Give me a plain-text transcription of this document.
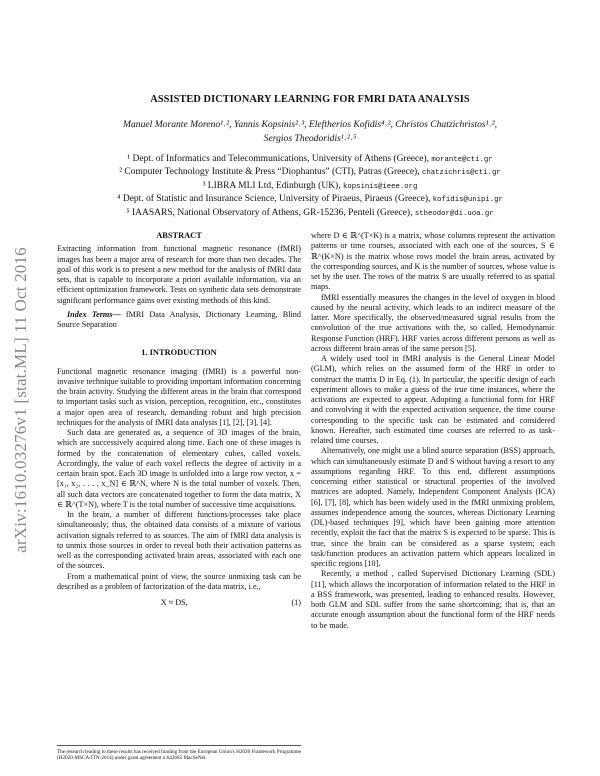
arXiv:1610.03276v1 [stat.ML] 11 Oct 2016
ASSISTED DICTIONARY LEARNING FOR FMRI DATA ANALYSIS
Manuel Morante Moreno¹˒², Yannis Kopsinis²˒³, Eleftherios Kofidis⁴˒², Christos Chatzichristos¹˒²,
Sergios Theodoridis¹˒²˒⁵
¹ Dept. of Informatics and Telecommunications, University of Athens (Greece), morante@cti.gr
² Computer Technology Institute & Press “Diophantus” (CTI), Patras (Greece), chatzichris@cti.gr
³ LIBRA MLI Ltd, Edinburgh (UK), kopsinis@ieee.org
⁴ Dept. of Statistic and Insurance Science, University of Piraeus, Piraeus (Greece), kofidis@unipi.gr
⁵ IAASARS, National Observatory of Athens, GR-15236, Penteli (Greece), stheodor@di.uoa.gr
ABSTRACT

Extracting information from functional magnetic resonance (fMRI) images has been a major area of research for more than two decades. The goal of this work is to present a new method for the analysis of fMRI data sets, that is capable to incorporate a priori available information, via an efficient optimization framework. Tests on synthetic data sets demonstrate significant performance gains over existing methods of this kind.

Index Terms— fMRI Data Analysis, Dictionary Learning, Blind Source Separation

1. INTRODUCTION

Functional magnetic resonance imaging (fMRI) is a powerful non-invasive technique suitable to providing important information concerning the brain activity. Studying the different areas in the brain that correspond to important tasks such as vision, perception, recognition, etc., constitutes a major open area of research, demanding robust and high precision techniques for the analysis of fMRI data analysis [1], [2], [3], [4].

Such data are generated as, a sequence of 3D images of the brain, which are successively acquired along time. Each one of these images is formed by the concatenation of elementary cubes, called voxels. Accordingly, the value of each voxel reflects the degree of activity in a certain brain spot. Each 3D image is unfolded into a large row vector, x = [x₁, x₂, . . . , x_N] ∈ ℝ^N, where N is the total number of voxels. Then, all such data vectors are concatenated together to form the data matrix, X ∈ ℝ^(T×N), where T is the total number of successive time acquisitions.

In the brain, a number of different functions/processes take place simultaneously; thus, the obtained data consists of a mixture of various activation signals referred to as sources. The aim of fMRI data analysis is to unmix those sources in order to reveal both their activation patterns as well as the corresponding activated brain areas, associated with each one of the sources.

From a mathematical point of view, the source unmixing task can be described as a problem of factorization of the data matrix, i.e.,

X ≈ DS,	(1)

where D ∈ ℝ^(T×K) is a matrix, whose columns represent the activation patterns or time courses, associated with each one of the sources, S ∈ ℝ^(K×N) is the matrix whose rows model the brain areas, activated by the corresponding sources, and K is the number of sources, whose value is set by the user. The rows of the matrix S are usually referred to as spatial maps.

fMRI essentially measures the changes in the level of oxygen in blood caused by the neural activity, which leads to an indirect measure of the latter. More specifically, the observed/measured signal results from the convolution of the true activations with the, so called, Hemodynamic Response Function (HRF). HRF varies across different persons as well as across different brain areas of the same person [5].

A widely used tool in fMRI analysis is the General Linear Model (GLM), which relies on the assumed form of the HRF in order to construct the matrix D in Eq. (1). In particular, the specific design of each experiment allows to make a guess of the true time instances, where the activations are expected to appear. Adopting a functional form for HRF and convolving it with the expected activation sequence, the time course corresponding to the specific task can be estimated and considered known. Hereafter, such estimated time courses are referred to as task-related time courses.

Alternatively, one might use a blind source separation (BSS) approach, which can simultaneously estimate D and S without having a resort to any assumptions regarding HRF. To this end, different assumptions concerning either statistical or structural properties of the involved matrices are adopted. Namely, Independent Component Analysis (ICA) [6], [7], [8], which has been widely used in the fMRI unmixing problem, assumes independence among the sources, whereas Dictionary Learning (DL)-based techniques [9], which have been gaining more attention recently, exploit the fact that the matrix S is expected to be sparse. This is true, since the brain can be considered as a sparse system; each task/function produces an activation pattern which appears localized in specific regions [10].

Recently, a method , called Supervised Dictionary Learning (SDL) [11], which allows the incorporation of information related to the HRF in a BSS framework, was presented, leading to enhanced results. However, both GLM and SDL suffer from the same shortcoming; that is, that an accurate enough assumption about the functional form of the HRF needs to be made.

The research leading to these results has received funding from the European Union's H2020 Framework Programme (H2020-MSCA-ITN-2014) under grant agreement n.642685 MacSeNet.
